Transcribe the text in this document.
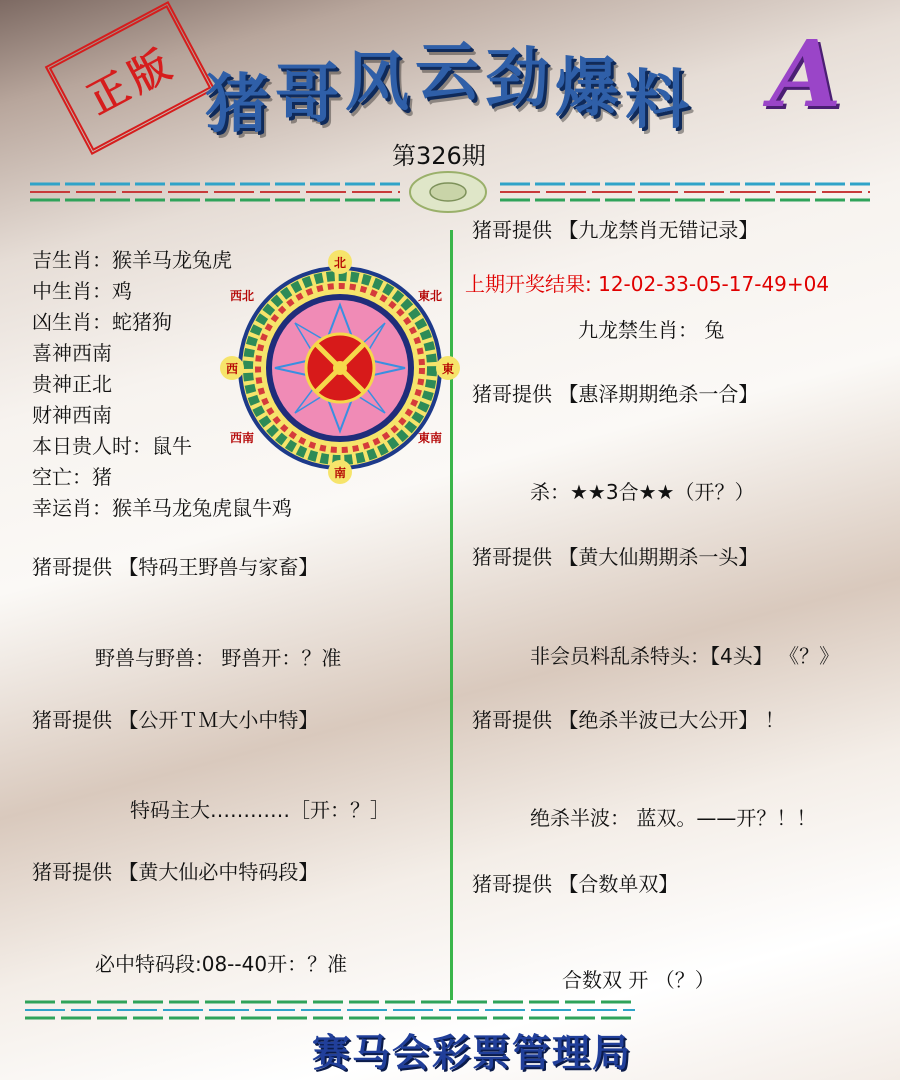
正版 猪 哥 风 云 劲 爆 料 A
第326期
北
南
東
西
西北	東北
西南	東南
吉生肖：猴羊马龙兔虎
中生肖：鸡
凶生肖：蛇猪狗
喜神西南
贵神正北
财神西南
本日贵人时：鼠牛
空亡：猪
幸运肖：猴羊马龙兔虎鼠牛鸡
猪哥提供 【特码王野兽与家畜】
野兽与野兽： 野兽开：？准
猪哥提供 【公开ＴＭ大小中特】
特码主大…………［开：？］
猪哥提供 【黄大仙必中特码段】
必中特码段:08--40开：？准
猪哥提供 【九龙禁肖无错记录】
上期开奖结果: 12-02-33-05-17-49+04
九龙禁生肖： 兔
猪哥提供 【惠泽期期绝杀一合】
杀：★★3合★★（开？）
猪哥提供 【黄大仙期期杀一头】
非会员料乱杀特头：【4头】 《？》
猪哥提供 【绝杀半波已大公开】 ！
绝杀半波： 蓝双。——开？！！
猪哥提供 【合数单双】
合数双 开 （？）
赛马会彩票管理局
